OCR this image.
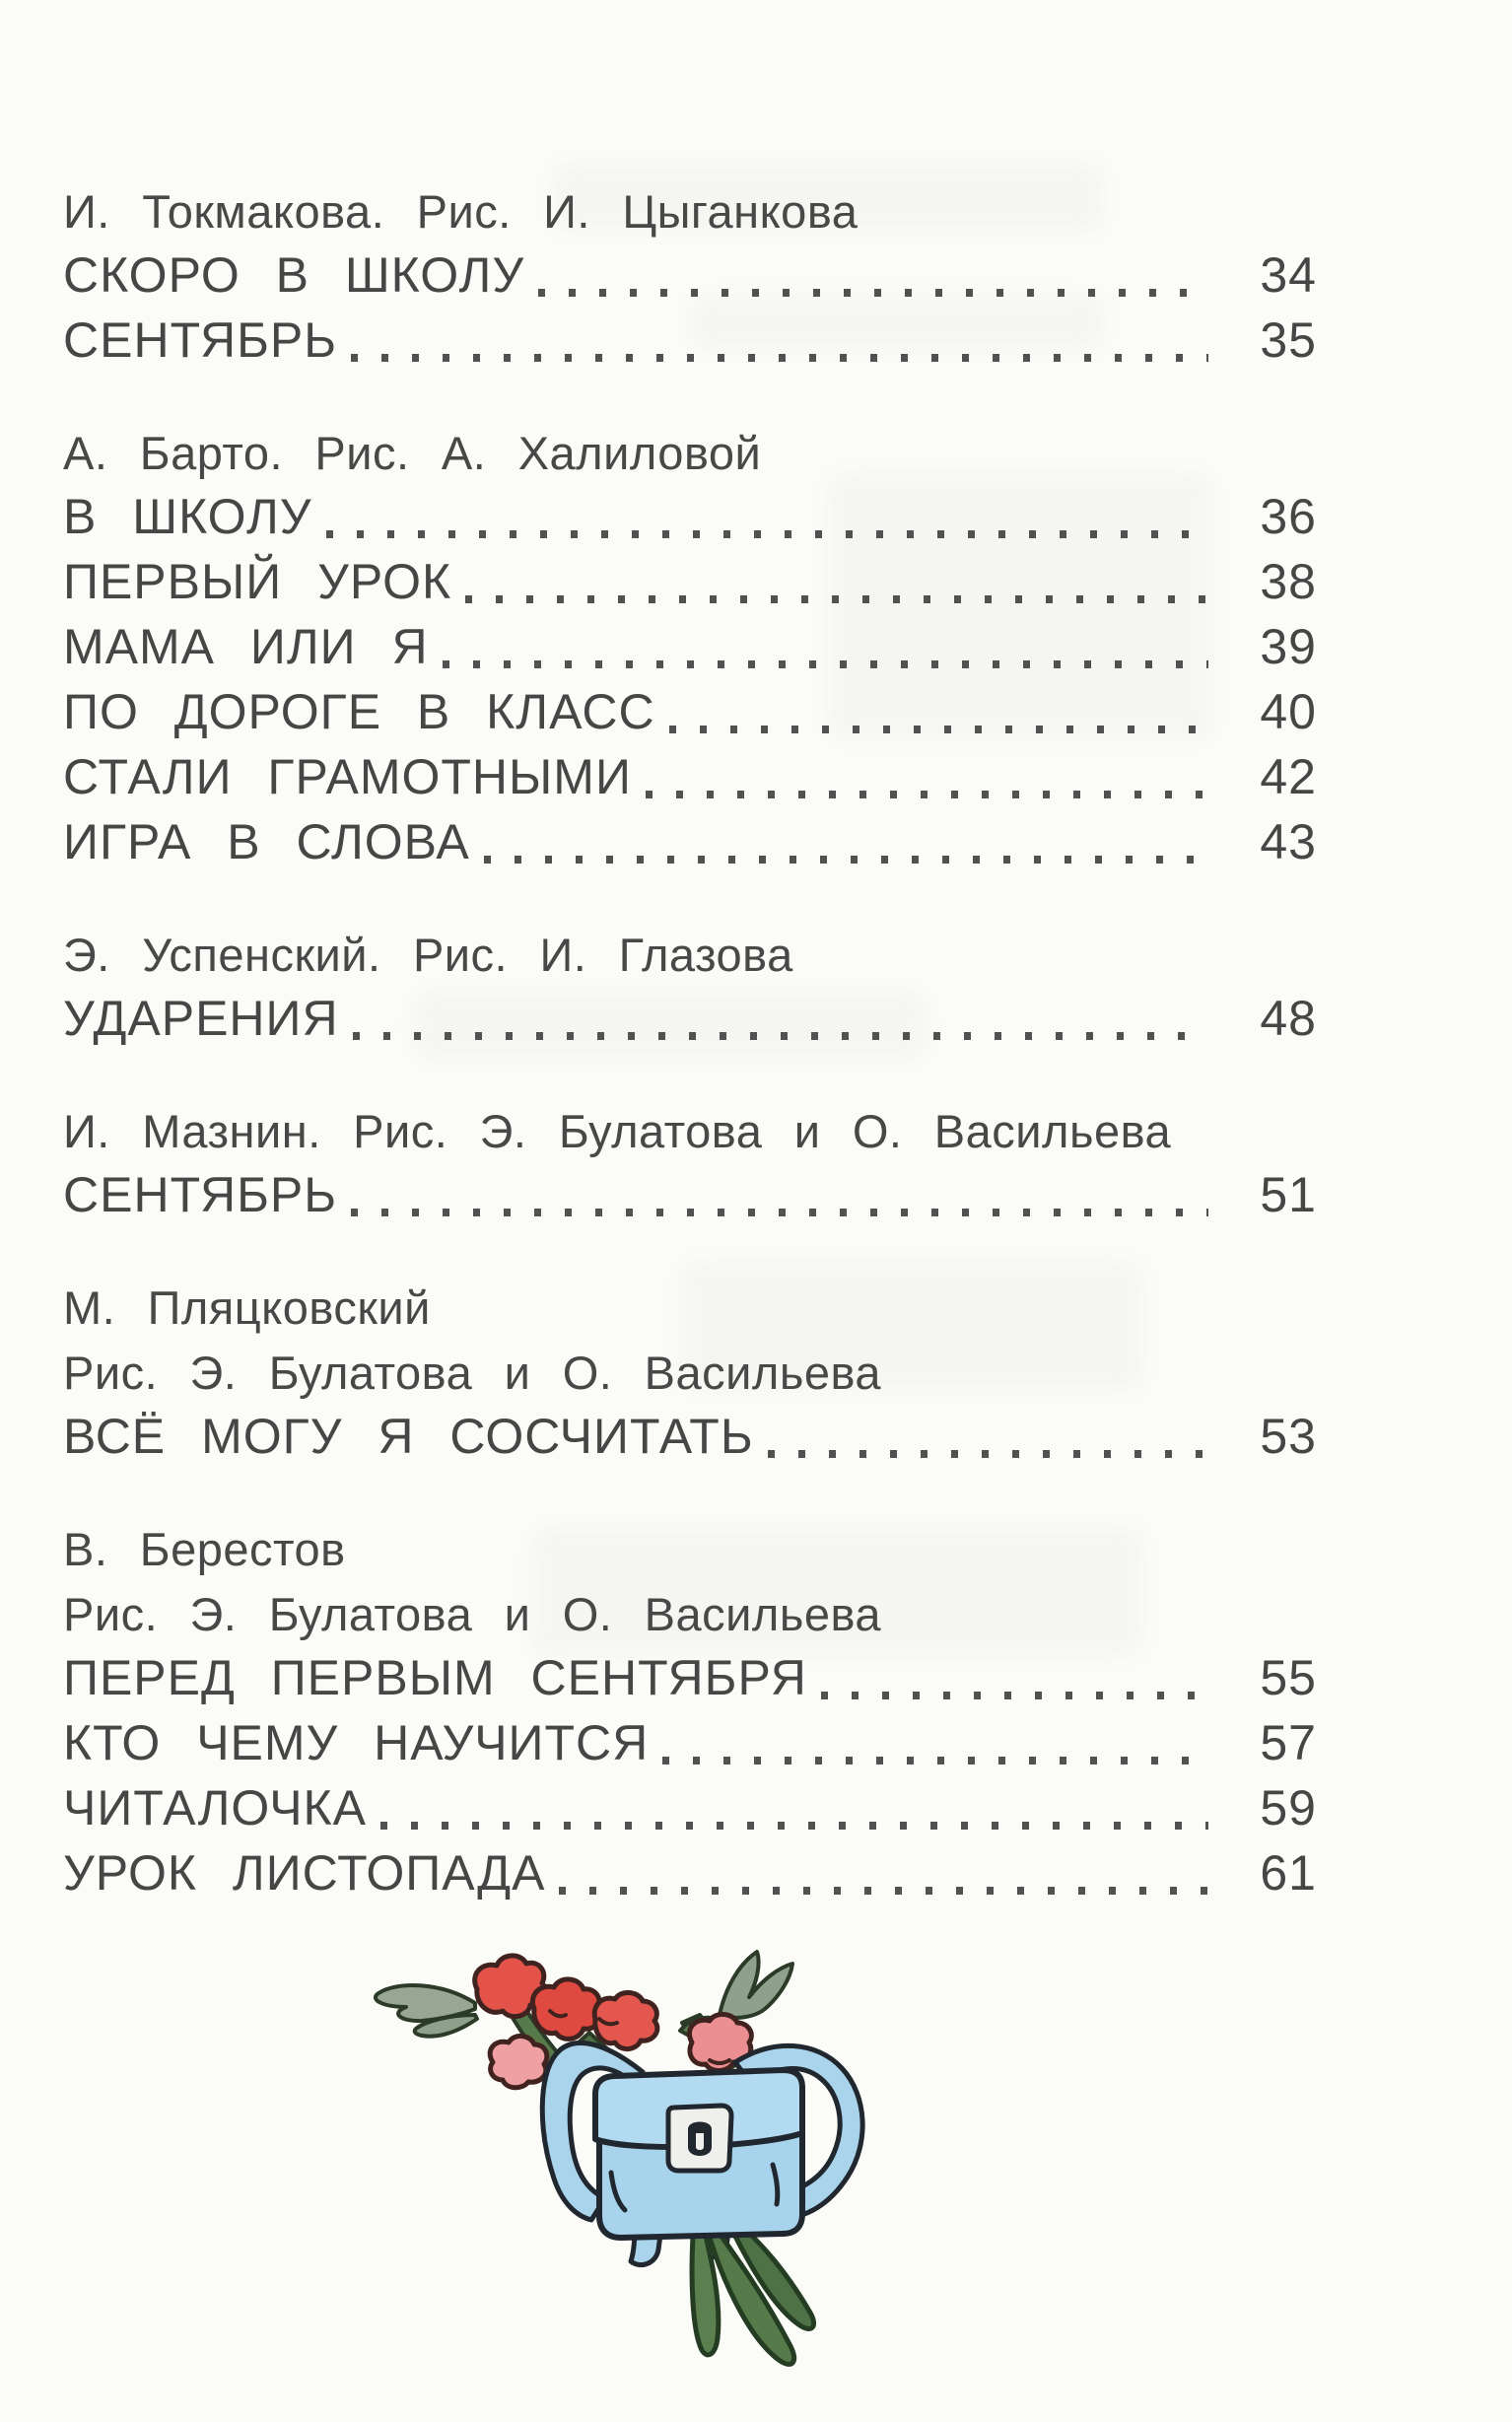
И. Токмакова. Рис. И. Цыганкова
СКОРО В ШКОЛУ	34
СЕНТЯБРЬ	35
А. Барто. Рис. А. Халиловой
В ШКОЛУ	36
ПЕРВЫЙ УРОК	38
МАМА ИЛИ Я	39
ПО ДОРОГЕ В КЛАСС	40
СТАЛИ ГРАМОТНЫМИ	42
ИГРА В СЛОВА	43
Э. Успенский. Рис. И. Глазова
УДАРЕНИЯ	48
И. Мазнин. Рис. Э. Булатова и О. Васильева
СЕНТЯБРЬ	51
М. Пляцковский
Рис. Э. Булатова и О. Васильева
ВСЁ МОГУ Я СОСЧИТАТЬ	53
В. Берестов
Рис. Э. Булатова и О. Васильева
ПЕРЕД ПЕРВЫМ СЕНТЯБРЯ	55
КТО ЧЕМУ НАУЧИТСЯ	57
ЧИТАЛОЧКА	59
УРОК ЛИСТОПАДА	61
